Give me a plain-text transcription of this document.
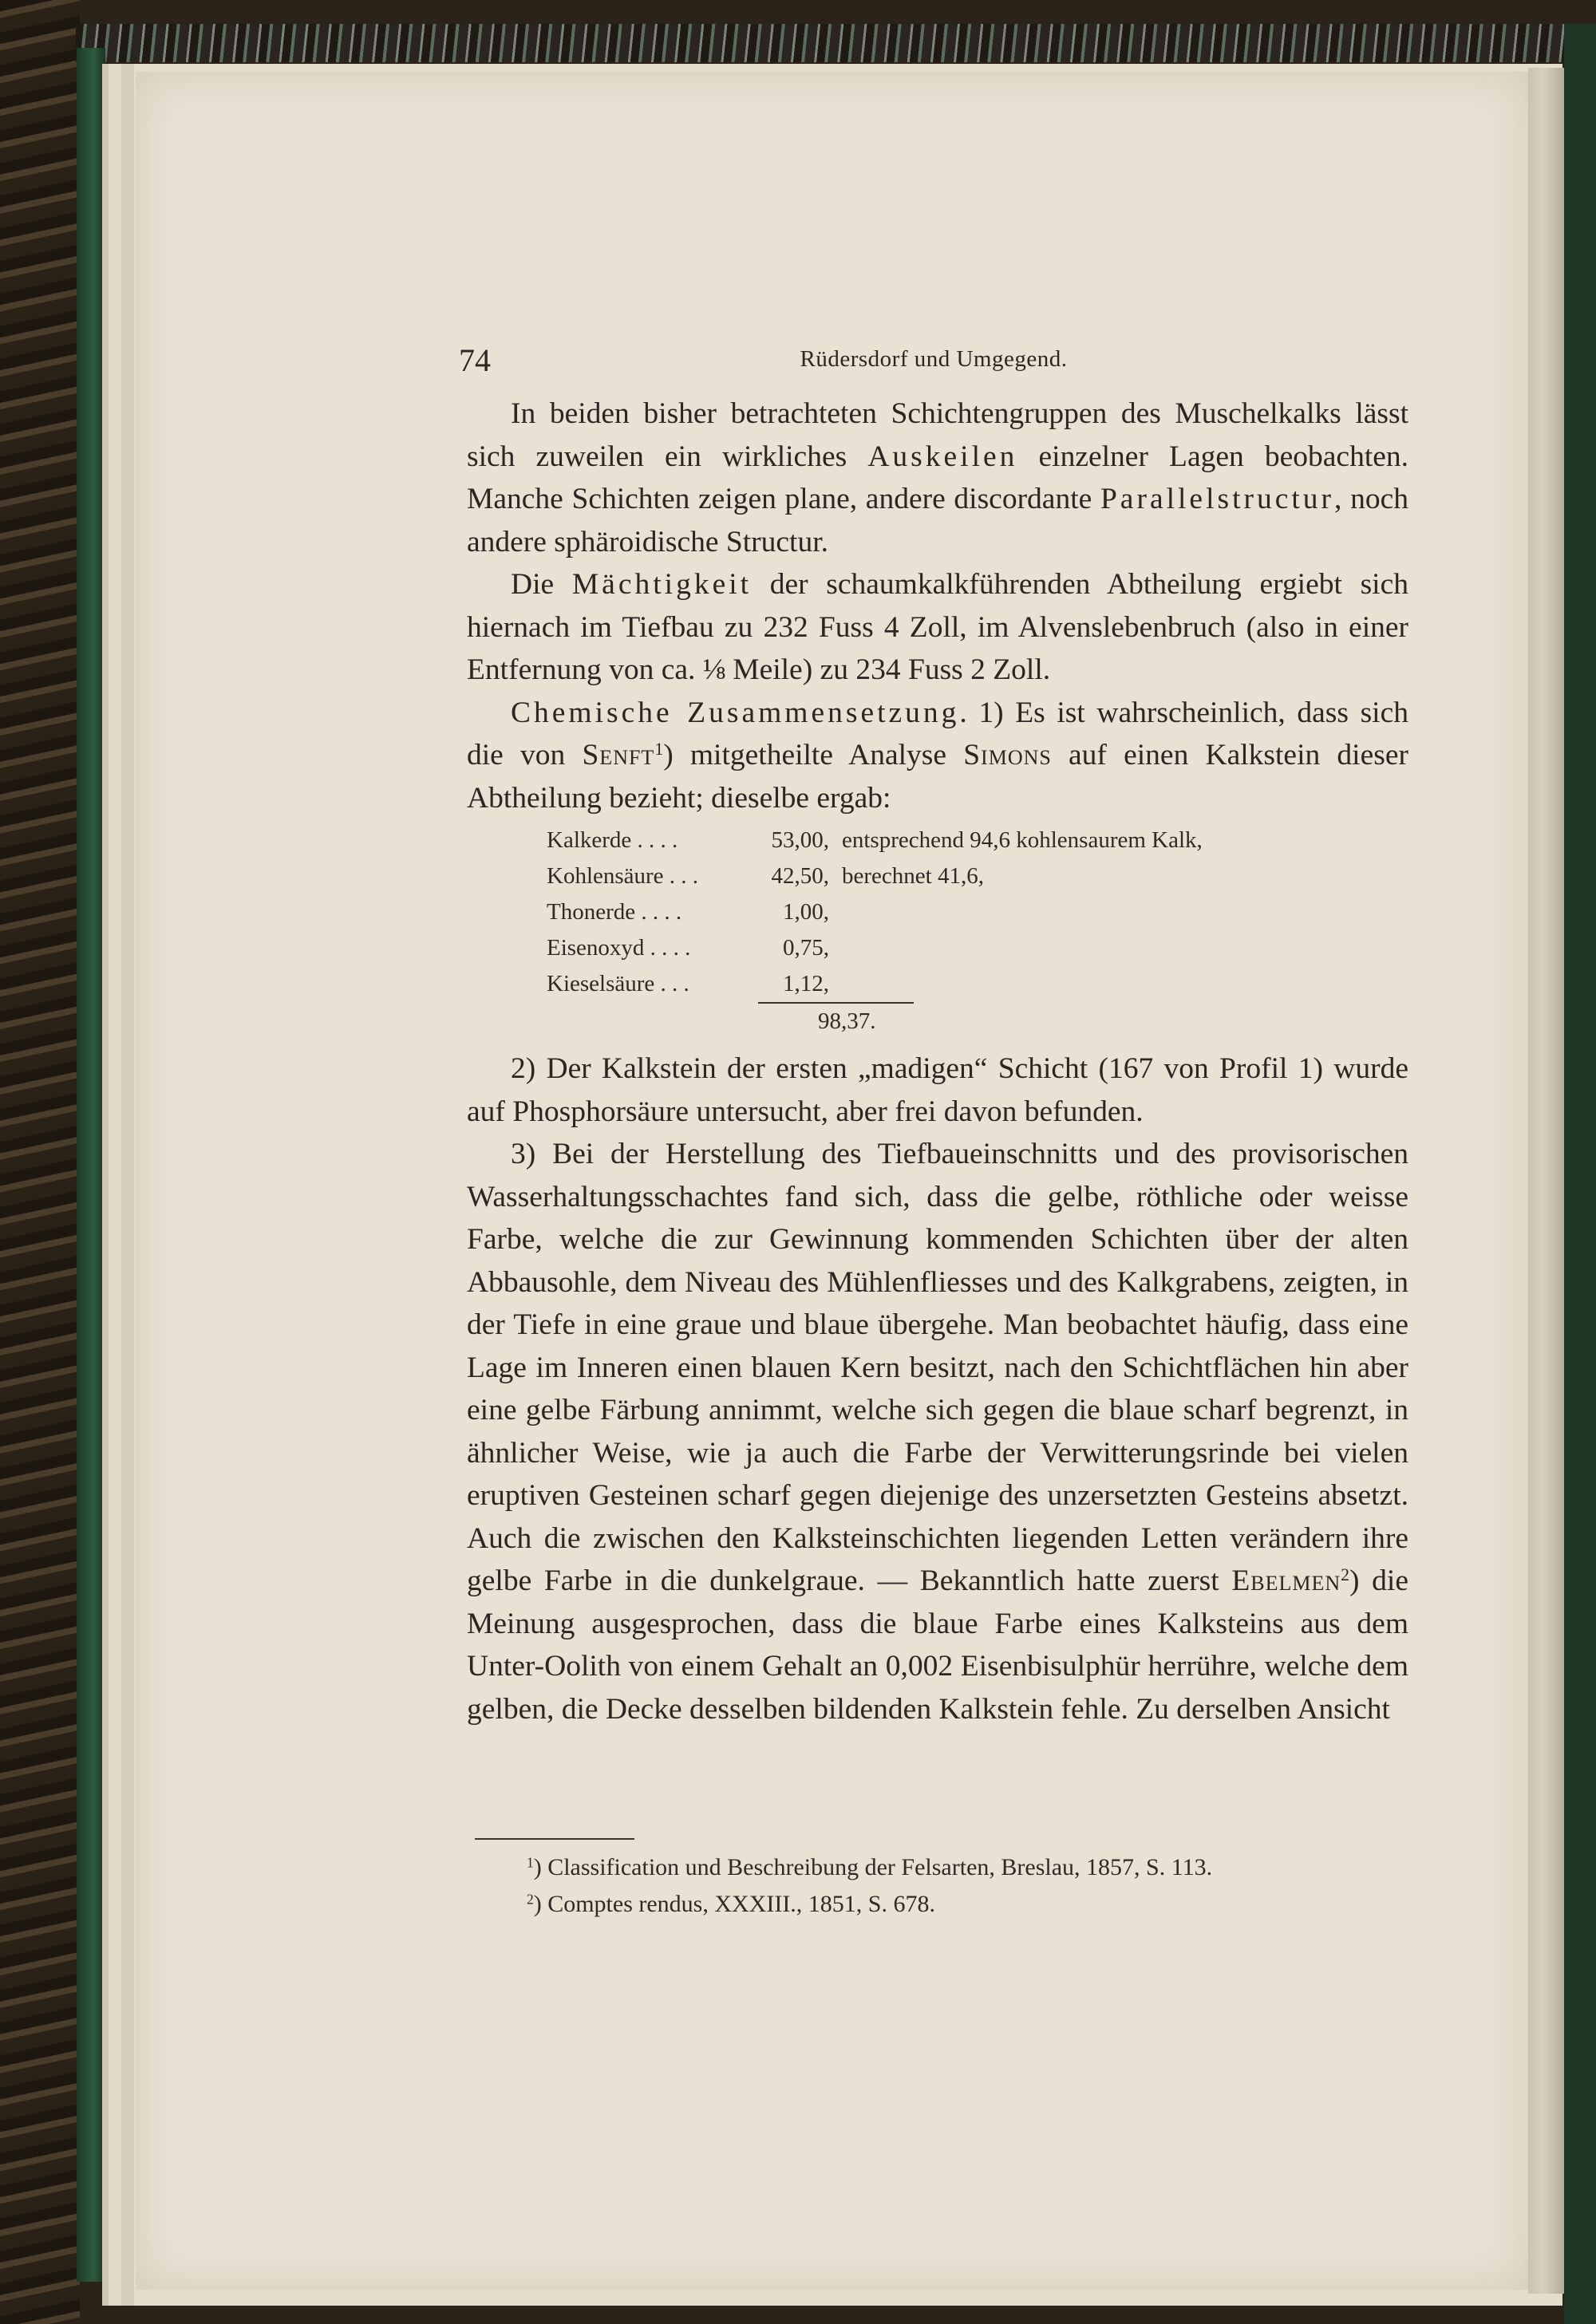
74	Rüdersdorf und Umgegend.

In beiden bisher betrachteten Schichtengruppen des Muschelkalks lässt sich zuweilen ein wirkliches Auskeilen einzelner Lagen beobachten. Manche Schichten zeigen plane, andere discordante Parallelstructur, noch andere sphäroidische Structur.

Die Mächtigkeit der schaumkalkführenden Abtheilung ergiebt sich hiernach im Tiefbau zu 232 Fuss 4 Zoll, im Alvenslebenbruch (also in einer Entfernung von ca. ⅛ Meile) zu 234 Fuss 2 Zoll.

Chemische Zusammensetzung. 1) Es ist wahrscheinlich, dass sich die von Senft$^1$) mitgetheilte Analyse Simons auf einen Kalkstein dieser Abtheilung bezieht; dieselbe ergab:

Kalkerde . . . .	53,00, entsprechend 94,6 kohlensaurem Kalk,
Kohlensäure . . .	42,50, berechnet 41,6,
Thonerde . . . .	1,00,
Eisenoxyd . . . .	0,75,
Kieselsäure . . .	1,12,
98,37.

2) Der Kalkstein der ersten „madigen“ Schicht (167 von Profil 1) wurde auf Phosphorsäure untersucht, aber frei davon befunden.

3) Bei der Herstellung des Tiefbaueinschnitts und des provisorischen Wasserhaltungsschachtes fand sich, dass die gelbe, röthliche oder weisse Farbe, welche die zur Gewinnung kommenden Schichten über der alten Abbausohle, dem Niveau des Mühlenfliesses und des Kalkgrabens, zeigten, in der Tiefe in eine graue und blaue übergehe. Man beobachtet häufig, dass eine Lage im Inneren einen blauen Kern besitzt, nach den Schichtflächen hin aber eine gelbe Färbung annimmt, welche sich gegen die blaue scharf begrenzt, in ähnlicher Weise, wie ja auch die Farbe der Verwitterungsrinde bei vielen eruptiven Gesteinen scharf gegen diejenige des unzersetzten Gesteins absetzt. Auch die zwischen den Kalksteinschichten liegenden Letten verändern ihre gelbe Farbe in die dunkelgraue. — Bekanntlich hatte zuerst Ebelmen$^2$) die Meinung ausgesprochen, dass die blaue Farbe eines Kalksteins aus dem Unter-Oolith von einem Gehalt an 0,002 Eisenbisulphür herrühre, welche dem gelben, die Decke desselben bildenden Kalkstein fehle. Zu derselben Ansicht

$^1$) Classification und Beschreibung der Felsarten, Breslau, 1857, S. 113.

$^2$) Comptes rendus, XXXIII., 1851, S. 678.
